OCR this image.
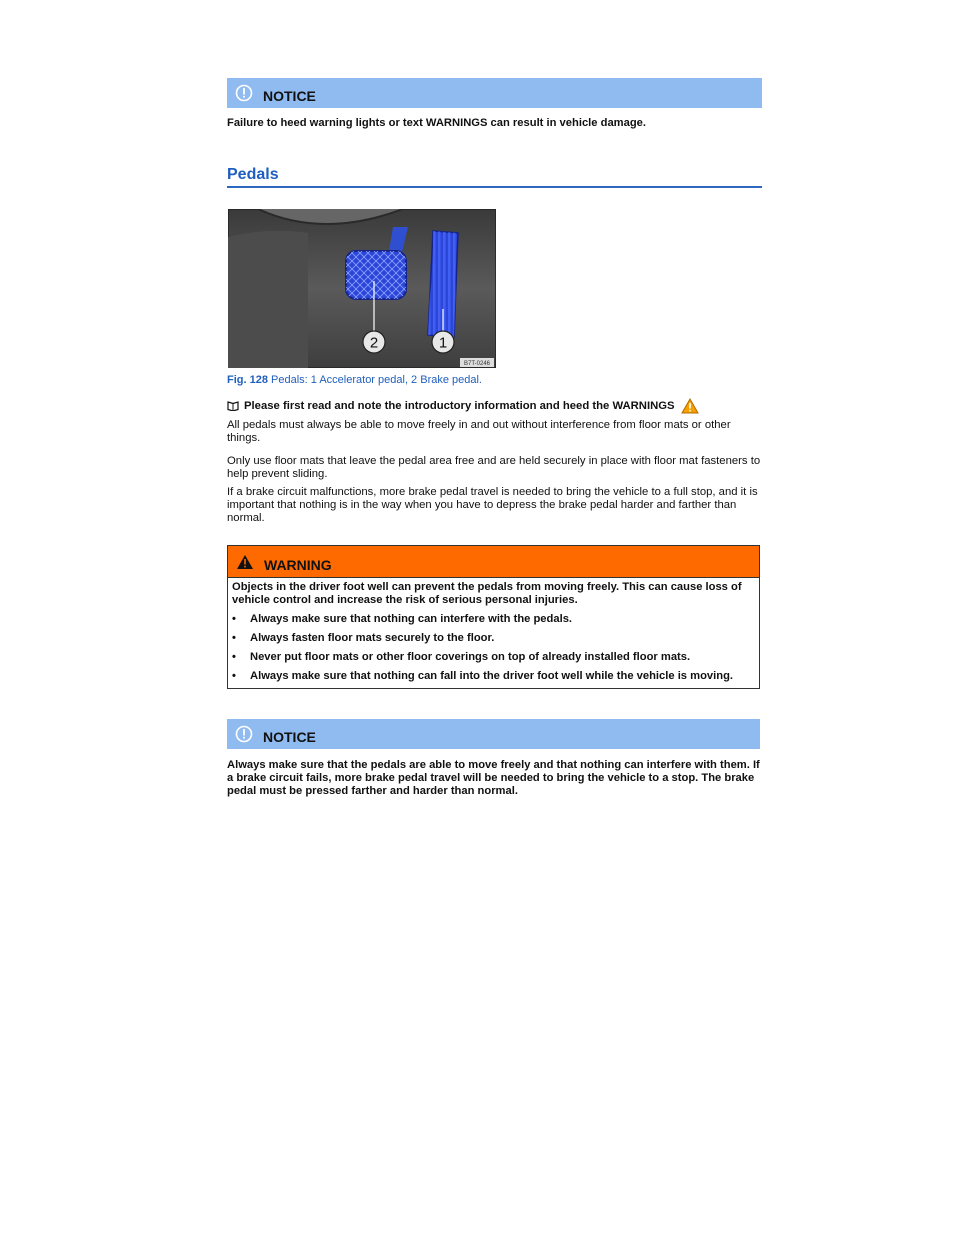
NOTICE
Failure to heed warning lights or text WARNINGS can result in vehicle damage.
Pedals
2	1
B7T-0246
Fig. 128 Pedals: 1 Accelerator pedal, 2 Brake pedal.
Please first read and note the introductory information and heed the WARNINGS
All pedals must always be able to move freely in and out without interference from floor mats or other things.
Only use floor mats that leave the pedal area free and are held securely in place with floor mat fasteners to help prevent sliding.
If a brake circuit malfunctions, more brake pedal travel is needed to bring the vehicle to a full stop, and it is important that nothing is in the way when you have to depress the brake pedal harder and farther than normal.
WARNING

Objects in the driver foot well can prevent the pedals from moving freely. This can cause loss of vehicle control and increase the risk of serious personal injuries.

• Always make sure that nothing can interfere with the pedals.
• Always fasten floor mats securely to the floor.
• Never put floor mats or other floor coverings on top of already installed floor mats.
• Always make sure that nothing can fall into the driver foot well while the vehicle is moving.
NOTICE
Always make sure that the pedals are able to move freely and that nothing can interfere with them. If a brake circuit fails, more brake pedal travel will be needed to bring the vehicle to a stop. The brake pedal must be pressed farther and harder than normal.
